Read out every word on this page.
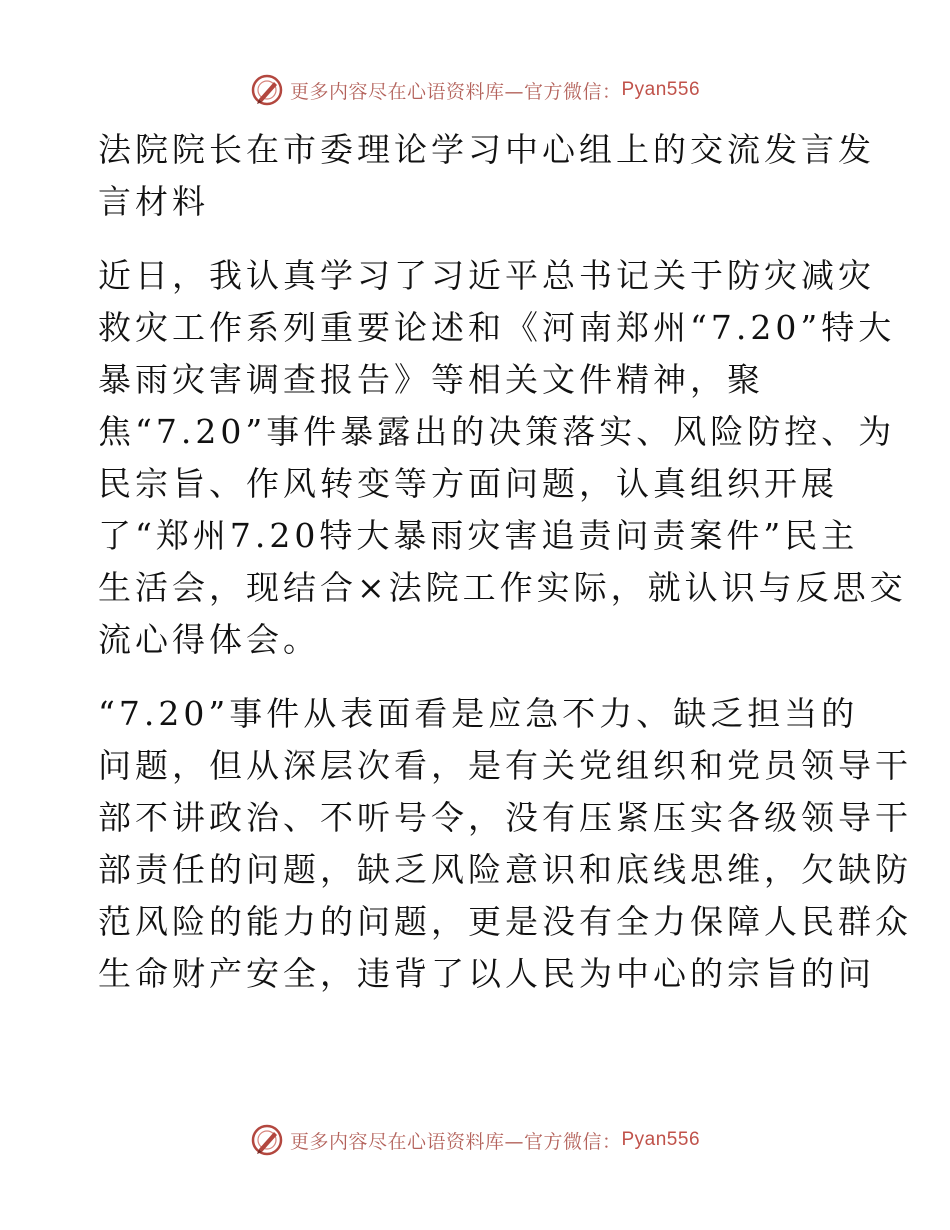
更多内容尽在心语资料库—官方微信： Pyan556
法院院长在市委理论学习中心组上的交流发言发
言材料
近日，我认真学习了习近平总书记关于防灾减灾
救灾工作系列重要论述和《河南郑州“7.20”特大
暴雨灾害调查报告》等相关文件精神，聚
焦“7.20”事件暴露出的决策落实、风险防控、为
民宗旨、作风转变等方面问题，认真组织开展
了“郑州7.20特大暴雨灾害追责问责案件”民主
生活会，现结合×法院工作实际，就认识与反思交
流心得体会。
“7.20”事件从表面看是应急不力、缺乏担当的
问题，但从深层次看，是有关党组织和党员领导干
部不讲政治、不听号令，没有压紧压实各级领导干
部责任的问题，缺乏风险意识和底线思维，欠缺防
范风险的能力的问题，更是没有全力保障人民群众
生命财产安全，违背了以人民为中心的宗旨的问
更多内容尽在心语资料库—官方微信： Pyan556
